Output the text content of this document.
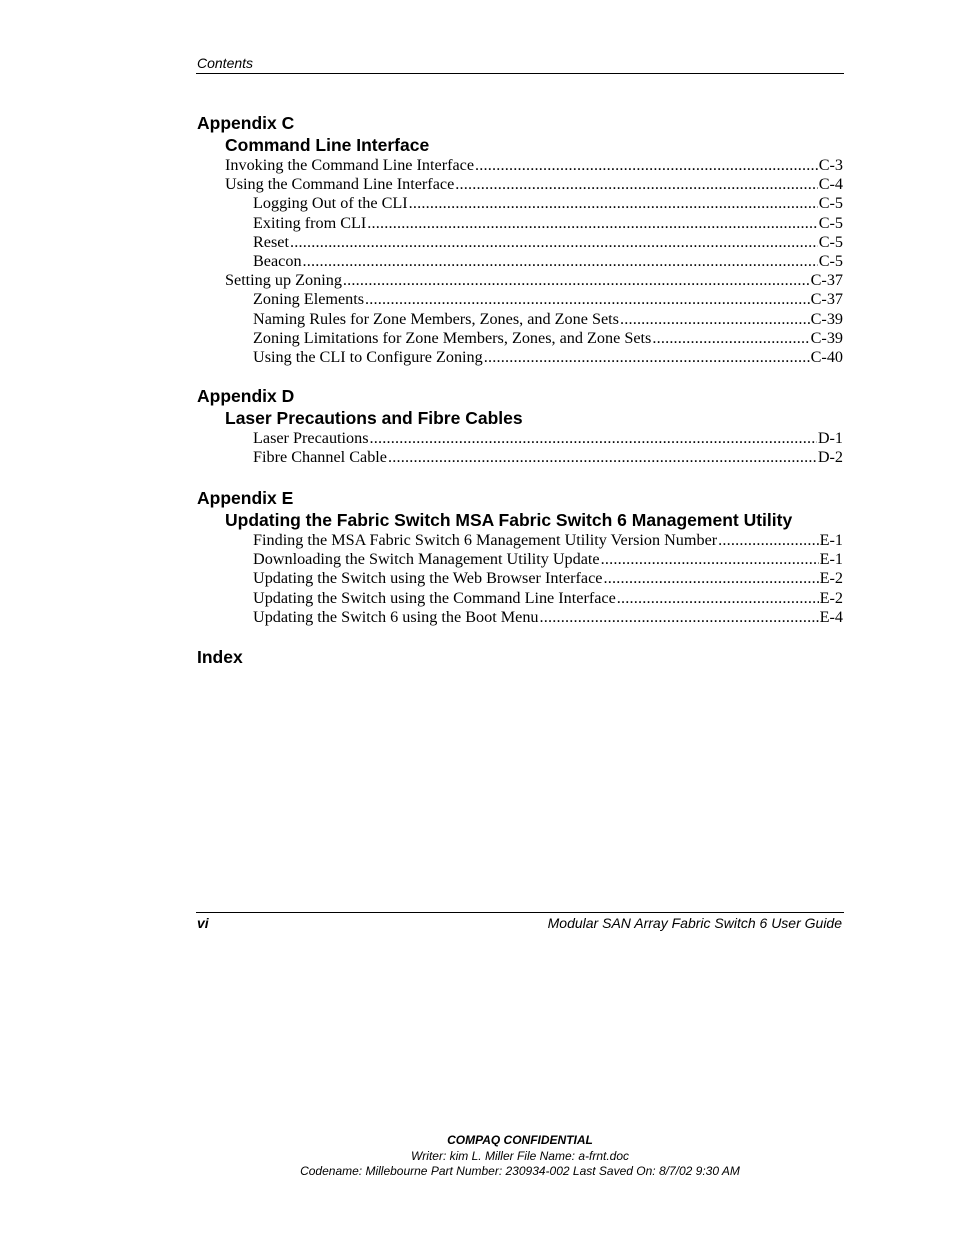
Contents
Appendix C
Command Line Interface
Invoking the Command Line Interface .....	C-3
Using the Command Line Interface .....	C-4
Logging Out of the CLI .....	C-5
Exiting from CLI .....	C-5
Reset .....	C-5
Beacon .....	C-5
Setting up Zoning .....	C-37
Zoning Elements .....	C-37
Naming Rules for Zone Members, Zones, and Zone Sets .....	C-39
Zoning Limitations for Zone Members, Zones, and Zone Sets .....	C-39
Using the CLI to Configure Zoning .....	C-40
Appendix D
Laser Precautions and Fibre Cables
Laser Precautions .....	D-1
Fibre Channel Cable .....	D-2
Appendix E
Updating the Fabric Switch MSA Fabric Switch 6 Management Utility
Finding the MSA Fabric Switch 6 Management Utility Version Number .....	E-1
Downloading the Switch Management Utility Update .....	E-1
Updating the Switch using the Web Browser Interface .....	E-2
Updating the Switch using the Command Line Interface .....	E-2
Updating the Switch 6 using the Boot Menu .....	E-4
Index
vi	Modular SAN Array Fabric Switch 6 User Guide
COMPAQ CONFIDENTIAL
Writer: kim L. Miller File Name: a-frnt.doc
Codename: Millebourne Part Number: 230934-002 Last Saved On: 8/7/02 9:30 AM
